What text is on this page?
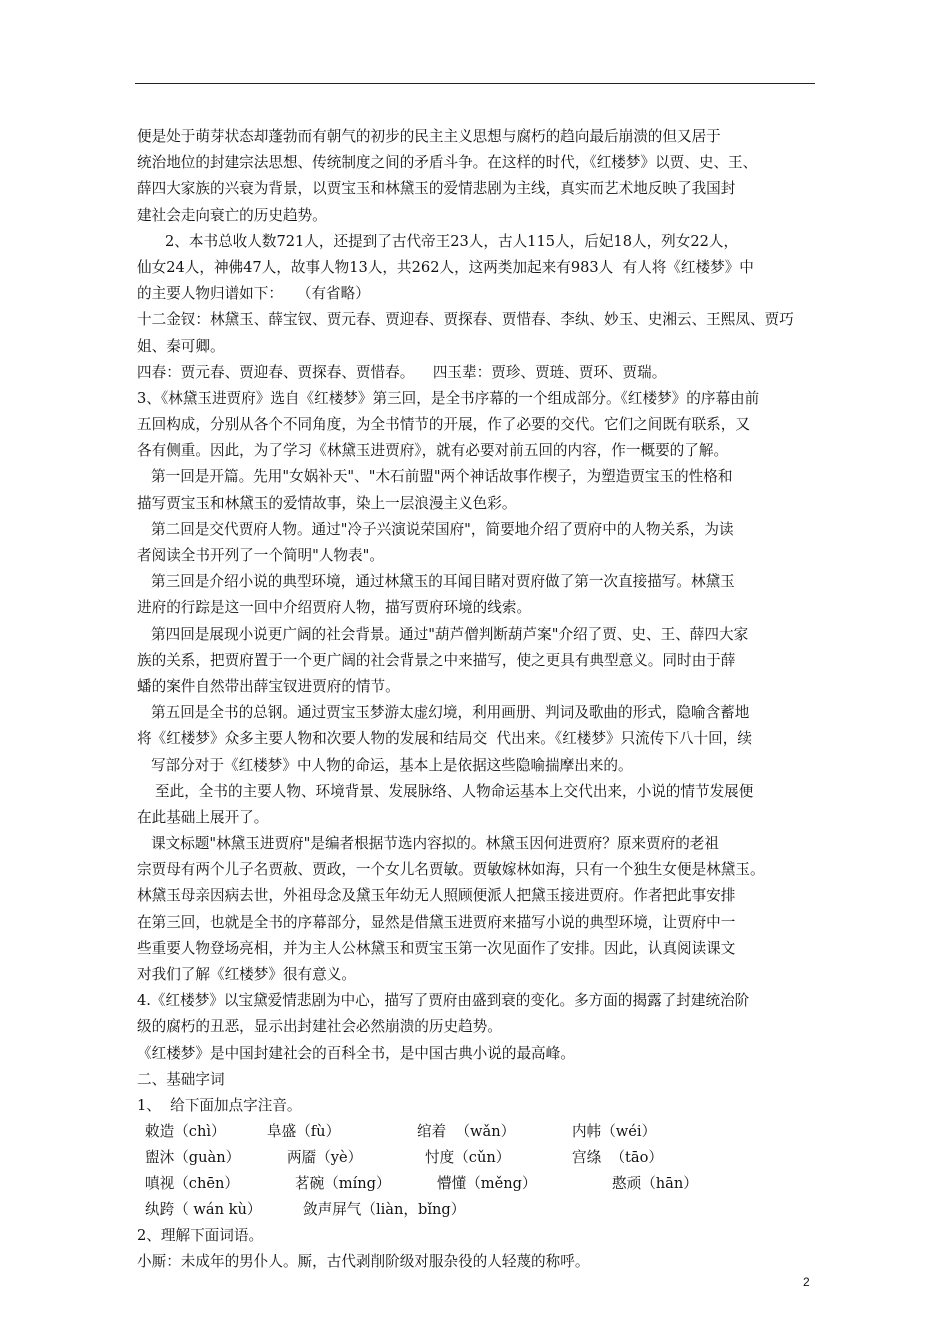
便是处于萌芽状态却蓬勃而有朝气的初步的民主主义思想与腐朽的趋向最后崩溃的但又居于
统治地位的封建宗法思想、传统制度之间的矛盾斗争。在这样的时代，《红楼梦》以贾、史、王、
薛四大家族的兴衰为背景，以贾宝玉和林黛玉的爱情悲剧为主线，真实而艺术地反映了我国封
建社会走向衰亡的历史趋势。
2、本书总收人数721人，还提到了古代帝王23人，古人115人，后妃18人，列女22人，
仙女24人，神佛47人，故事人物13人，共262人，这两类加起来有983人  有人将《红楼梦》中
的主要人物归谱如下：   （有省略）
十二金钗：林黛玉、薛宝钗、贾元春、贾迎春、贾探春、贾惜春、李纨、妙玉、史湘云、王熙凤、贾巧
姐、秦可卿。
四春：贾元春、贾迎春、贾探春、贾惜春。    四玉辈：贾珍、贾琏、贾环、贾瑞。
3、《林黛玉进贾府》选自《红楼梦》第三回，是全书序幕的一个组成部分。《红楼梦》的序幕由前
五回构成，分别从各个不同角度，为全书情节的开展，作了必要的交代。它们之间既有联系，又
各有侧重。因此，为了学习《林黛玉进贾府》，就有必要对前五回的内容，作一概要的了解。
第一回是开篇。先用"女娲补天"、"木石前盟"两个神话故事作楔子，为塑造贾宝玉的性格和
描写贾宝玉和林黛玉的爱情故事，染上一层浪漫主义色彩。
第二回是交代贾府人物。通过"冷子兴演说荣国府"，简要地介绍了贾府中的人物关系，为读
者阅读全书开列了一个简明"人物表"。
第三回是介绍小说的典型环境，通过林黛玉的耳闻目睹对贾府做了第一次直接描写。林黛玉
进府的行踪是这一回中介绍贾府人物，描写贾府环境的线索。
第四回是展现小说更广阔的社会背景。通过"葫芦僧判断葫芦案"介绍了贾、史、王、薛四大家
族的关系，把贾府置于一个更广阔的社会背景之中来描写，使之更具有典型意义。同时由于薛
蟠的案件自然带出薛宝钗进贾府的情节。
第五回是全书的总钢。通过贾宝玉梦游太虚幻境，利用画册、判词及歌曲的形式，隐喻含蓄地
将《红楼梦》众多主要人物和次要人物的发展和结局交  代出来。《红楼梦》只流传下八十回，续
写部分对于《红楼梦》中人物的命运，基本上是依据这些隐喻揣摩出来的。
至此，全书的主要人物、环境背景、发展脉络、人物命运基本上交代出来，小说的情节发展便
在此基础上展开了。
课文标题"林黛玉进贾府"是编者根据节选内容拟的。林黛玉因何进贾府？原来贾府的老祖
宗贾母有两个儿子名贾赦、贾政，一个女儿名贾敏。贾敏嫁林如海，只有一个独生女便是林黛玉。
林黛玉母亲因病去世，外祖母念及黛玉年幼无人照顾便派人把黛玉接进贾府。作者把此事安排
在第三回，也就是全书的序幕部分，显然是借黛玉进贾府来描写小说的典型环境，让贾府中一
些重要人物登场亮相，并为主人公林黛玉和贾宝玉第一次见面作了安排。因此，认真阅读课文
对我们了解《红楼梦》很有意义。
4.《红楼梦》以宝黛爱情悲剧为中心，描写了贾府由盛到衰的变化。多方面的揭露了封建统治阶
级的腐朽的丑恶，显示出封建社会必然崩溃的历史趋势。
《红楼梦》是中国封建社会的百科全书，是中国古典小说的最高峰。
二、基础字词
1、  给下面加点字注音。
敕造（chì）	阜盛（fù）	绾着  （wǎn）	内帏（wéi）
盥沐（guàn）	两靥（yè）	忖度（cǔn）	宫绦  （tāo）
嗔视（chēn）	茗碗（míng）	懵懂（měng）	憨顽（hān）
纨跨（ wán kù）	敛声屏气（liàn，bǐng）
2、理解下面词语。
小厮：未成年的男仆人。厮，古代剥削阶级对服杂役的人轻蔑的称呼。
2
